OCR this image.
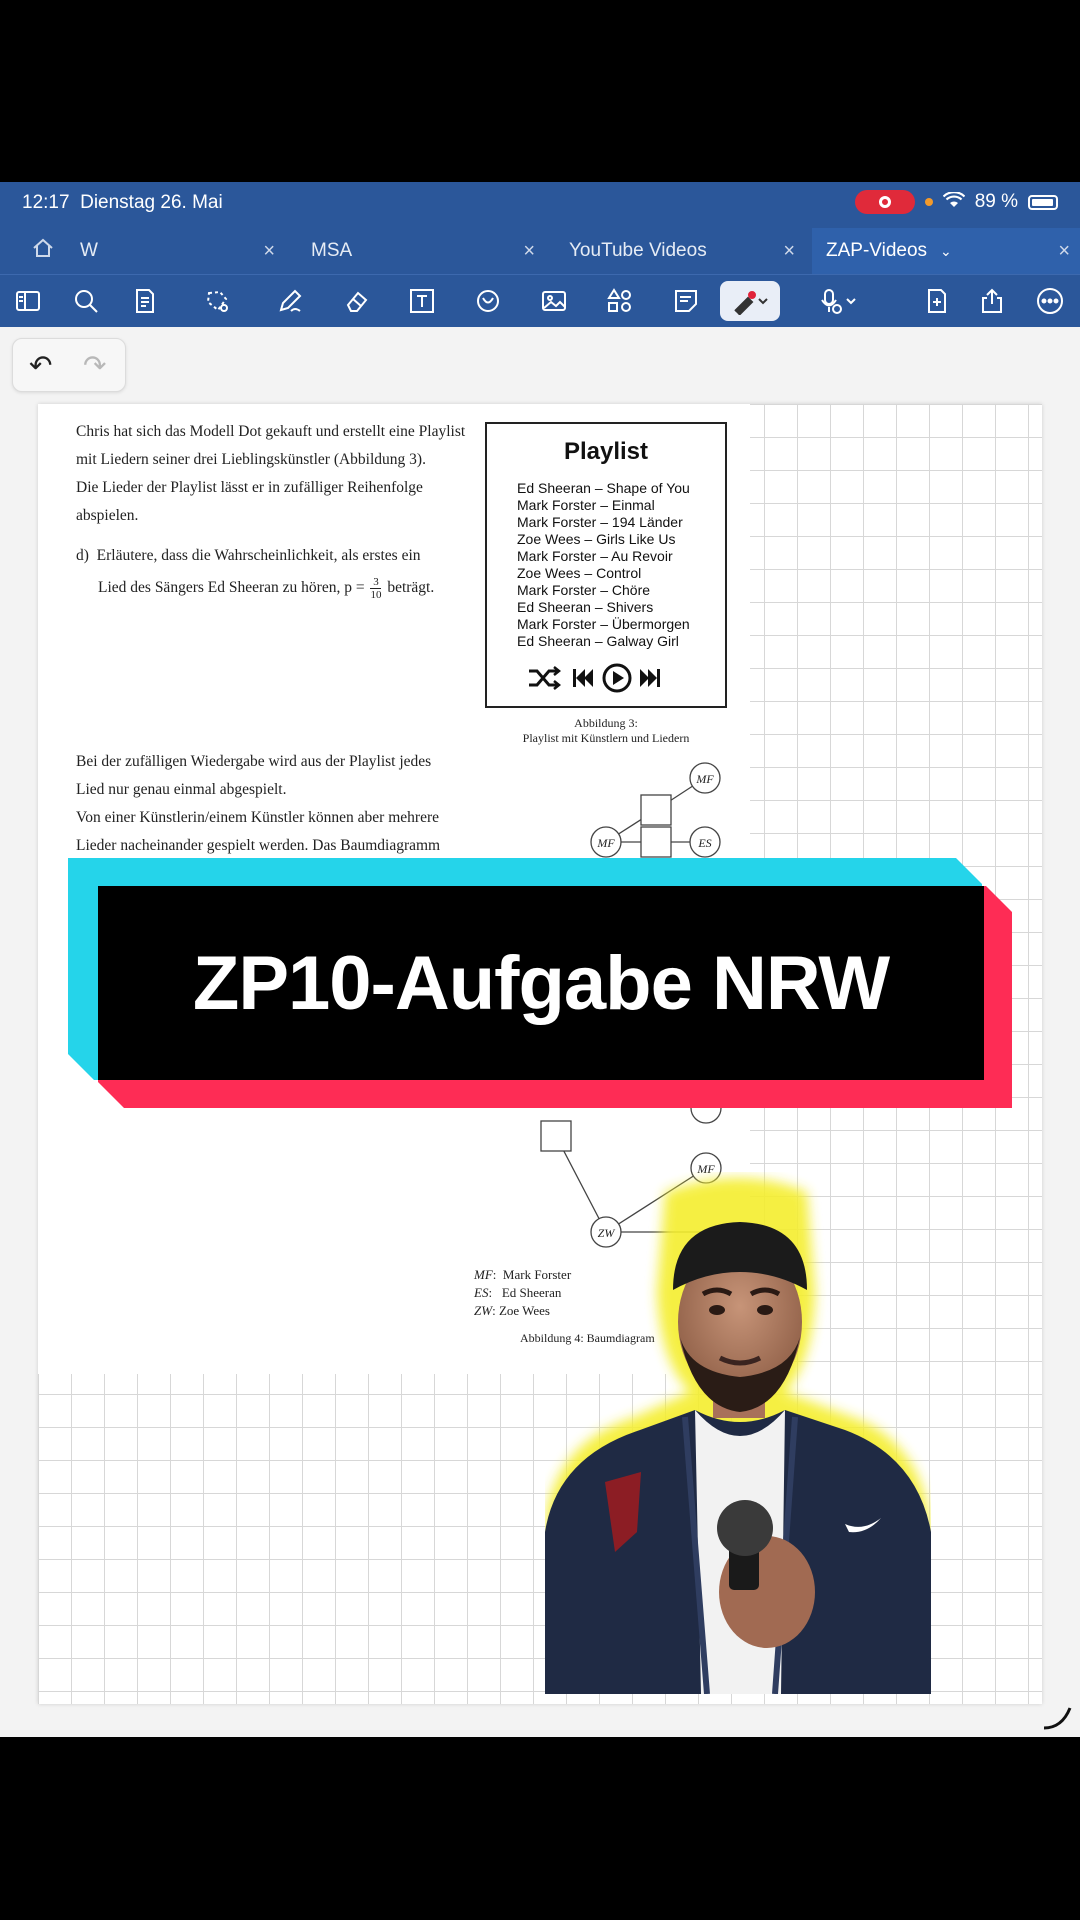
12:17 Dienstag 26. Mai	89 %
W	× MSA	× YouTube Videos	× ZAP-Videos ⌄	×
↶ ↷
Chris hat sich das Modell Dot gekauft und erstellt eine Playlist
mit Liedern seiner drei Lieblingskünstler (Abbildung 3).
Die Lieder der Playlist lässt er in zufälliger Reihenfolge
abspielen.
d) Erläutere, dass die Wahrscheinlichkeit, als erstes ein
Lied des Sängers Ed Sheeran zu hören, $p = \frac{3}{10}$ beträgt.
Playlist
Ed Sheeran – Shape of You
Mark Forster – Einmal
Mark Forster – 194 Länder
Zoe Wees – Girls Like Us
Mark Forster – Au Revoir
Zoe Wees – Control
Mark Forster – Chöre
Ed Sheeran – Shivers
Mark Forster – Übermorgen
Ed Sheeran – Galway Girl
Abbildung 3:
Playlist mit Künstlern und Liedern
Bei der zufälligen Wiedergabe wird aus der Playlist jedes
Lied nur genau einmal abgespielt.
Von einer Künstlerin/einem Künstler können aber mehrere
Lieder nacheinander gespielt werden. Das Baumdiagramm
MF
MF	ES
MF
ZW
MF:  Mark Forster
ES:   Ed Sheeran
ZW: Zoe Wees
Abbildung 4: Baumdiagram
ZP10-Aufgabe NRW
